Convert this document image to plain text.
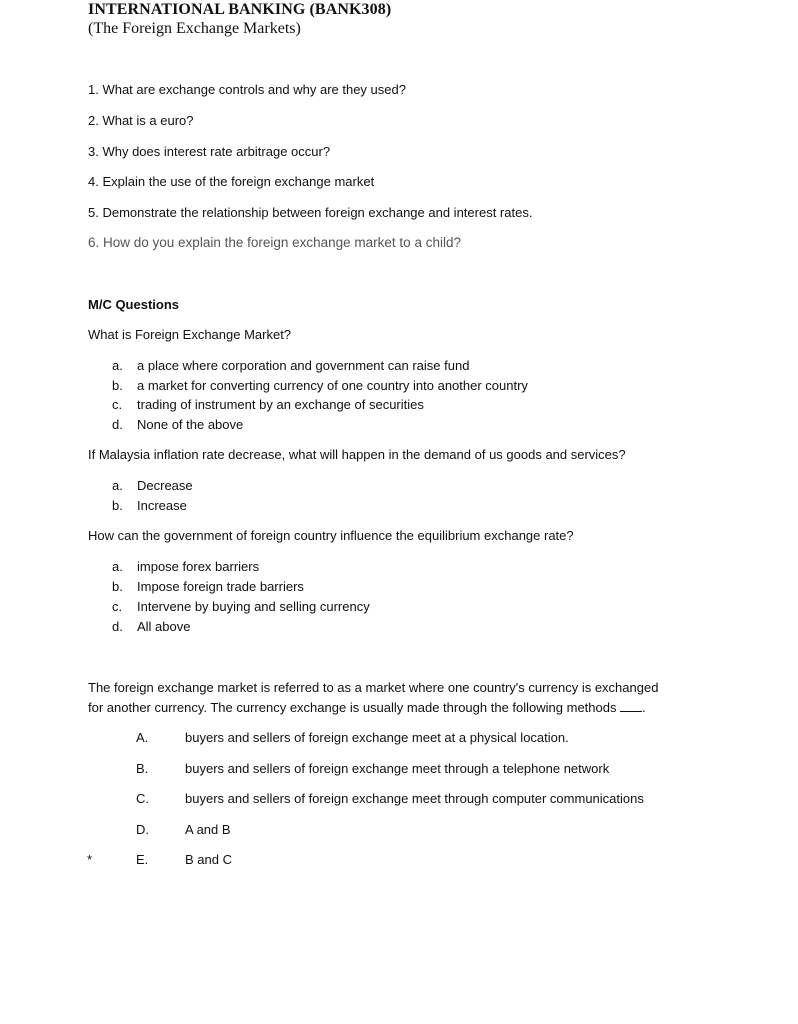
INTERNATIONAL BANKING (BANK308)
(The Foreign Exchange Markets)
1. What are exchange controls and why are they used?
2. What is a euro?
3. Why does interest rate arbitrage occur?
4. Explain the use of the foreign exchange market
5. Demonstrate the relationship between foreign exchange and interest rates.
6. How do you explain the foreign exchange market to a child?
M/C Questions
What is Foreign Exchange Market?
a.	a place where corporation and government can raise fund
b.	a market for converting currency of one country into another country
c.	trading of instrument by an exchange of securities
d.	None of the above
If Malaysia inflation rate decrease, what will happen in the demand of us goods and services?
a.	Decrease
b.	Increase
How can the government of foreign country influence the equilibrium exchange rate?
a.	impose forex barriers
b.	Impose foreign trade barriers
c.	Intervene by buying and selling currency
d.	All above
The foreign exchange market is referred to as a market where one country's currency is exchanged
for another currency. The currency exchange is usually made through the following methods .
A.	buyers and sellers of foreign exchange meet at a physical location.
B.	buyers and sellers of foreign exchange meet through a telephone network
C.	buyers and sellers of foreign exchange meet through computer communications
D.	A and B
*	E.	B and C
